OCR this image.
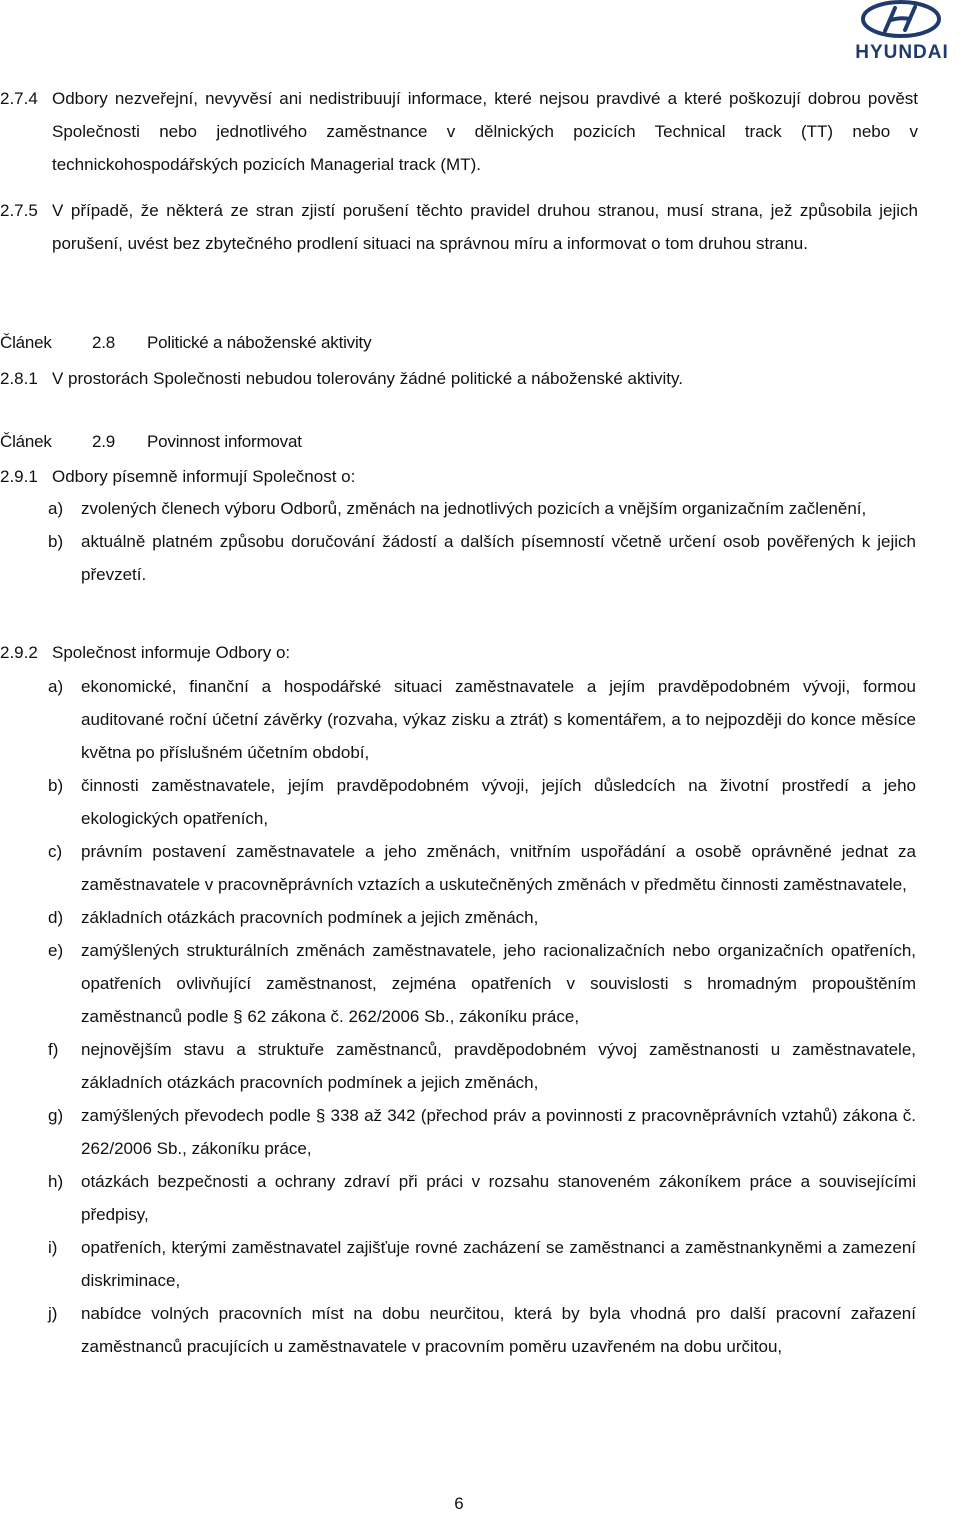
HYUNDAI
2.7.4 Odbory nezveřejní, nevyvěsí ani nedistribuují informace, které nejsou pravdivé a které poškozují dobrou pověst Společnosti nebo jednotlivého zaměstnance v dělnických pozicích Technical track (TT) nebo v technickohospodářských pozicích Managerial track (MT).
2.7.5 V případě, že některá ze stran zjistí porušení těchto pravidel druhou stranou, musí strana, jež způsobila jejich porušení, uvést bez zbytečného prodlení situaci na správnou míru a informovat o tom druhou stranu.
Článek 2.8 Politické a náboženské aktivity
2.8.1 V prostorách Společnosti nebudou tolerovány žádné politické a náboženské aktivity.
Článek 2.9 Povinnost informovat
2.9.1 Odbory písemně informují Společnost o:
a) zvolených členech výboru Odborů, změnách na jednotlivých pozicích a vnějším organizačním začlenění,
b) aktuálně platném způsobu doručování žádostí a dalších písemností včetně určení osob pověřených k jejich převzetí.
2.9.2 Společnost informuje Odbory o:
a) ekonomické, finanční a hospodářské situaci zaměstnavatele a jejím pravděpodobném vývoji, formou auditované roční účetní závěrky (rozvaha, výkaz zisku a ztrát) s komentářem, a to nejpozději do konce měsíce května po příslušném účetním období,
b) činnosti zaměstnavatele, jejím pravděpodobném vývoji, jejích důsledcích na životní prostředí a jeho ekologických opatřeních,
c) právním postavení zaměstnavatele a jeho změnách, vnitřním uspořádání a osobě oprávněné jednat za zaměstnavatele v pracovněprávních vztazích a uskutečněných změnách v předmětu činnosti zaměstnavatele,
d) základních otázkách pracovních podmínek a jejich změnách,
e) zamýšlených strukturálních změnách zaměstnavatele, jeho racionalizačních nebo organizačních opatřeních, opatřeních ovlivňující zaměstnanost, zejména opatřeních v souvislosti s hromadným propouštěním zaměstnanců podle § 62 zákona č. 262/2006 Sb., zákoníku práce,
f) nejnovějším stavu a struktuře zaměstnanců, pravděpodobném vývoj zaměstnanosti u zaměstnavatele, základních otázkách pracovních podmínek a jejich změnách,
g) zamýšlených převodech podle § 338 až 342 (přechod práv a povinnosti z pracovněprávních vztahů) zákona č. 262/2006 Sb., zákoníku práce,
h) otázkách bezpečnosti a ochrany zdraví při práci v rozsahu stanoveném zákoníkem práce a souvisejícími předpisy,
i) opatřeních, kterými zaměstnavatel zajišťuje rovné zacházení se zaměstnanci a zaměstnankyněmi a zamezení diskriminace,
j) nabídce volných pracovních míst na dobu neurčitou, která by byla vhodná pro další pracovní zařazení zaměstnanců pracujících u zaměstnavatele v pracovním poměru uzavřeném na dobu určitou,
6
